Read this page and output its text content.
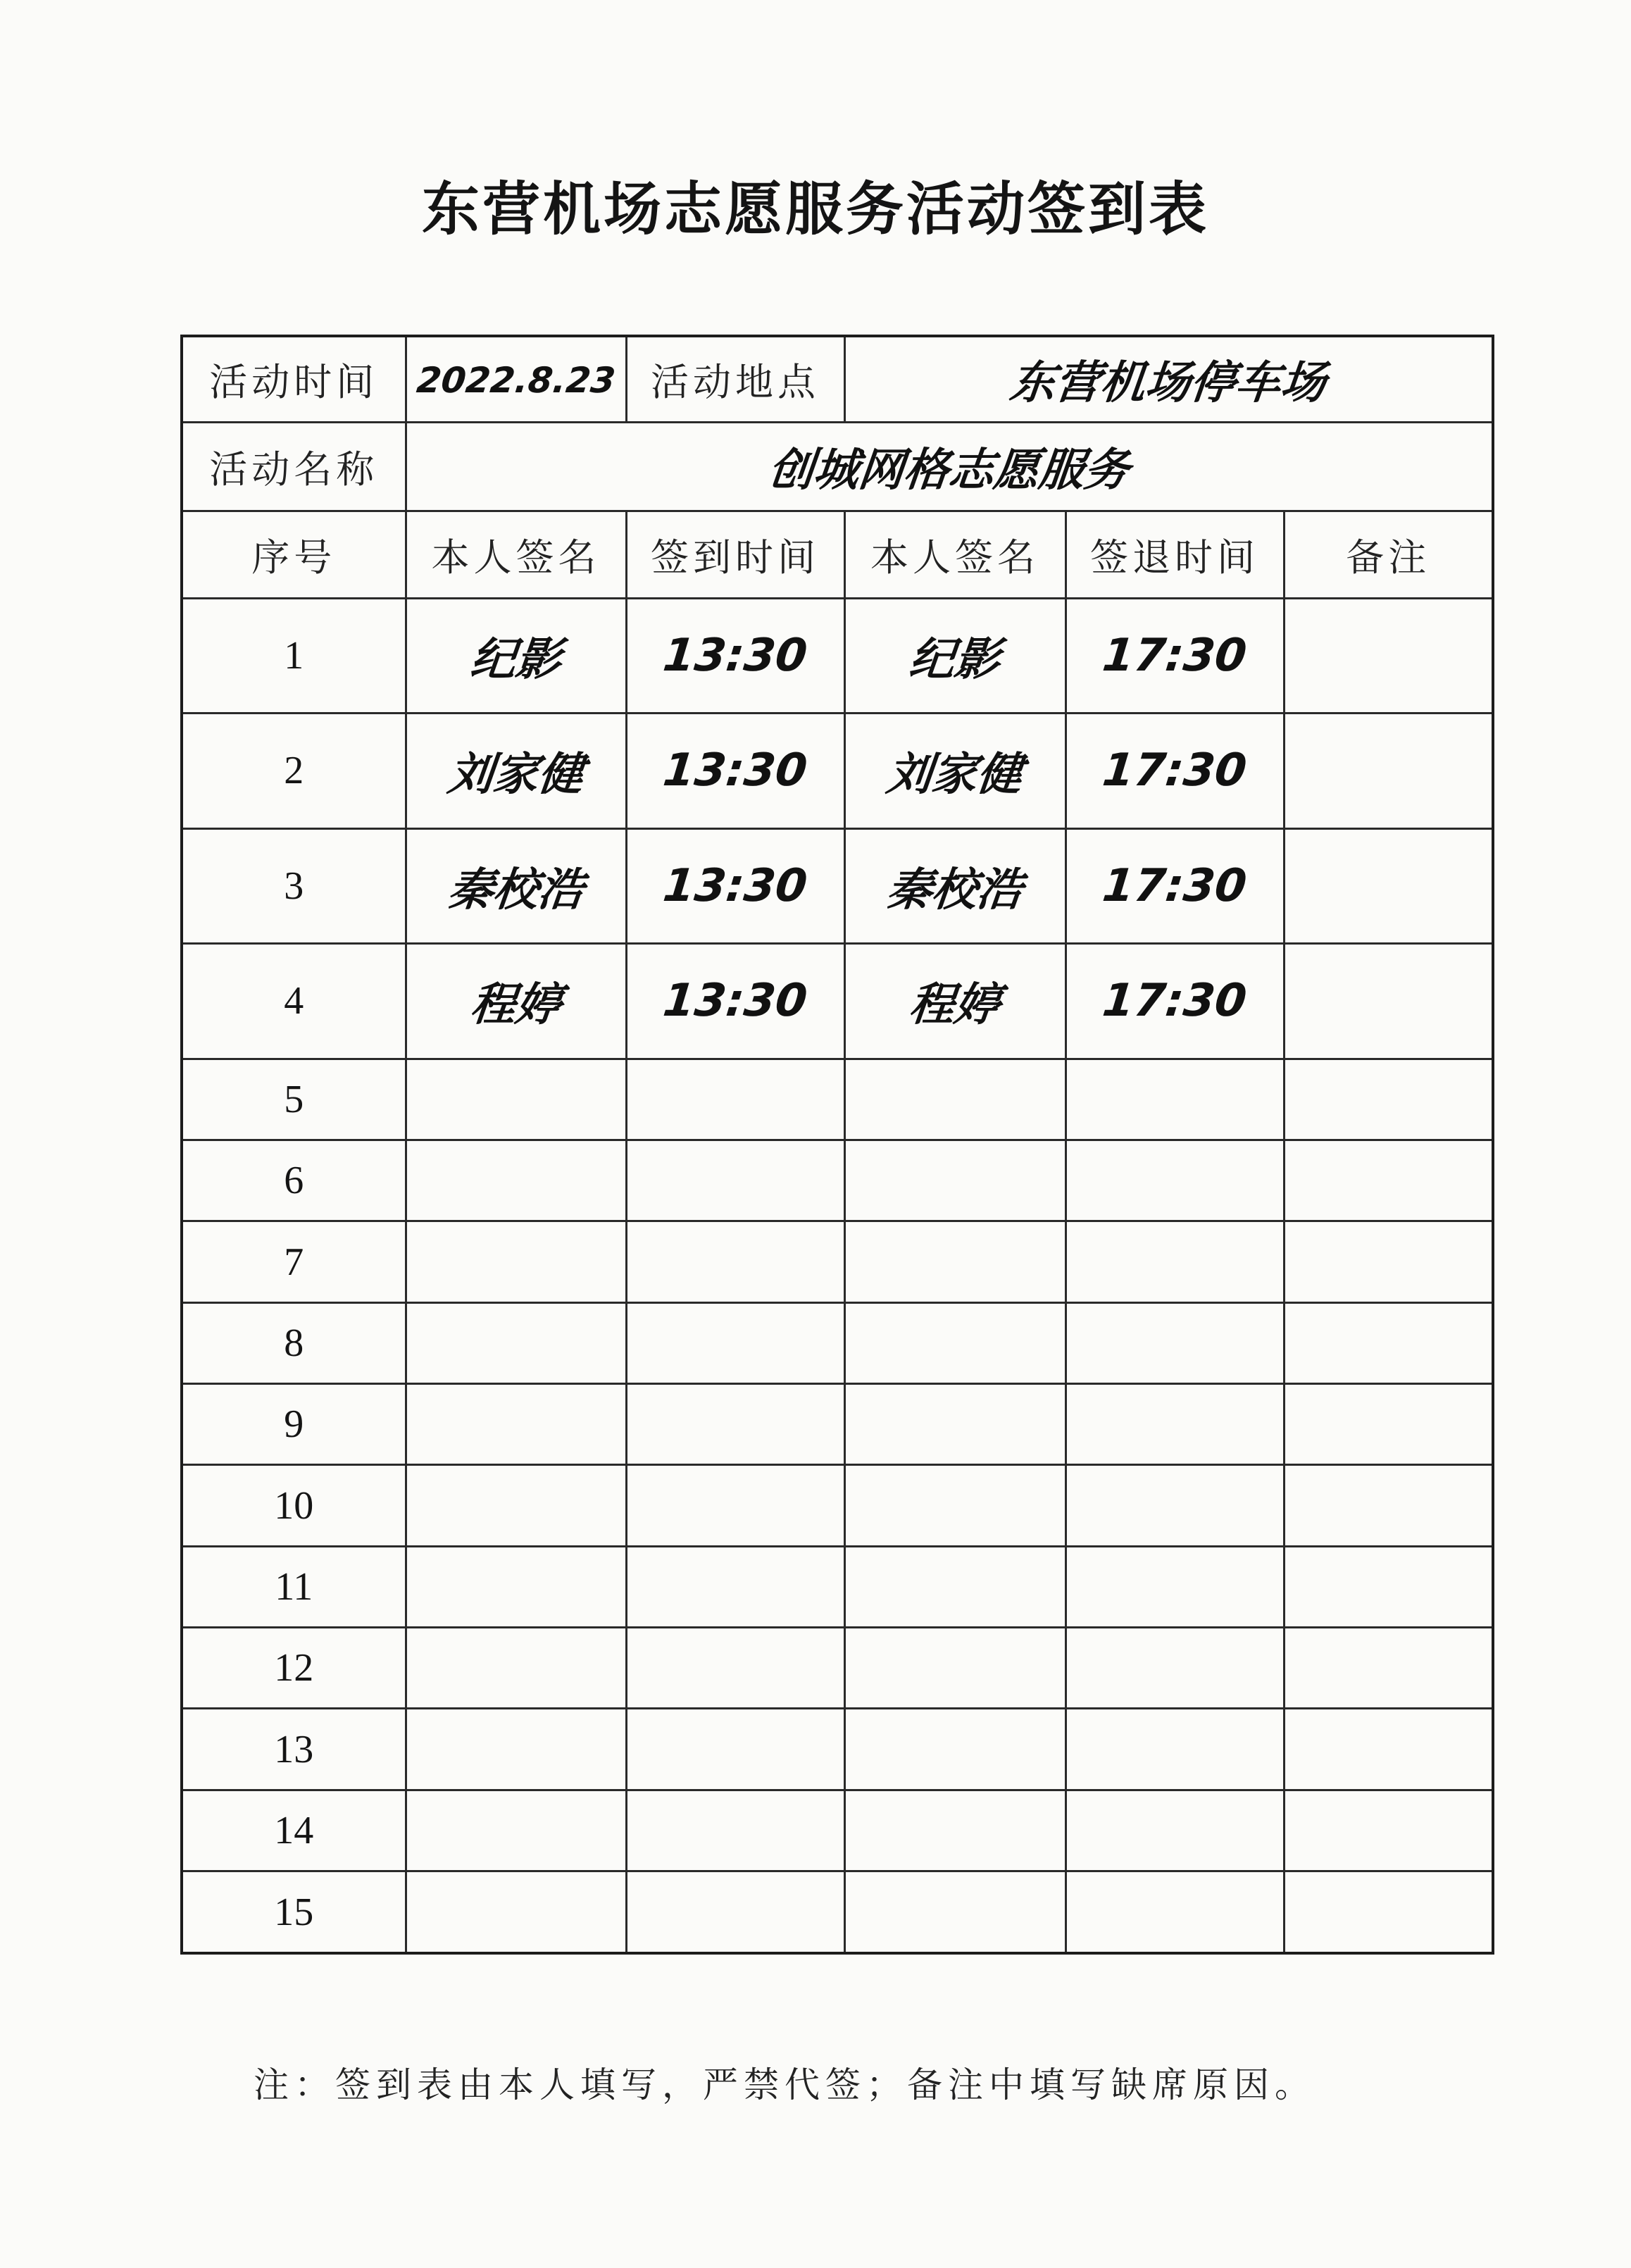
东营机场志愿服务活动签到表
活动时间	2022.8.23	活动地点	东营机场停车场		
活动名称	创城网格志愿服务				
序号	本人签名	签到时间	本人签名	签退时间	备注
1	纪影	13:30	纪影	17:30	
2	刘家健	13:30	刘家健	17:30	
3	秦校浩	13:30	秦校浩	17:30	
4	程婷	13:30	程婷	17:30	
5					
6					
7					
8					
9					
10					
11					
12					
13					
14					
15					
注：签到表由本人填写，严禁代签；备注中填写缺席原因。
